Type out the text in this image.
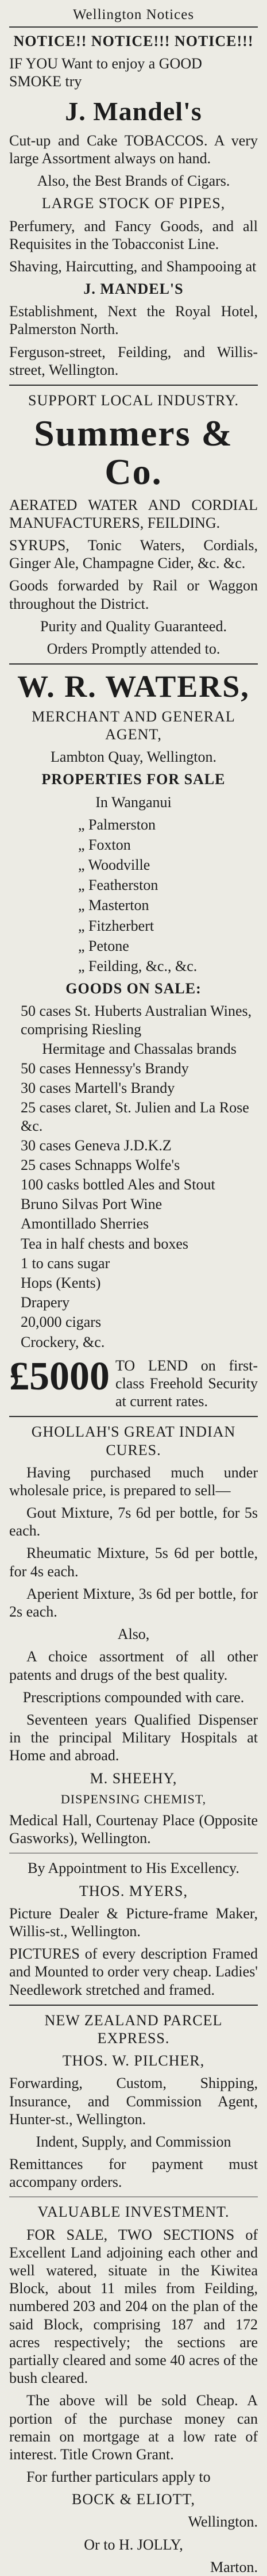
Wellington Notices

NOTICE!! NOTICE!!! NOTICE!!!

IF YOU Want to enjoy a GOOD SMOKE try

J. Mandel's

Cut-up and Cake TOBACCOS. A very large Assortment always on hand.

Also, the Best Brands of Cigars.

LARGE STOCK OF PIPES,

Perfumery, and Fancy Goods, and all Requisites in the Tobacconist Line.

Shaving, Haircutting, and Shampooing at

J. MANDEL'S

Establishment, Next the Royal Hotel, Palmerston North.

Ferguson-street, Feilding, and Willis-street, Wellington.

SUPPORT LOCAL INDUSTRY.

Summers & Co.

AERATED WATER AND CORDIAL MANUFACTURERS, FEILDING.

SYRUPS, Tonic Waters, Cordials, Ginger Ale, Champagne Cider, &c. &c.

Goods forwarded by Rail or Waggon throughout the District.

Purity and Quality Guaranteed.

Orders Promptly attended to.

W. R. WATERS,

MERCHANT AND GENERAL AGENT,

Lambton Quay, Wellington.

PROPERTIES FOR SALE

In Wanganui

„ Palmerston
„ Foxton
„ Woodville
„ Featherston
„ Masterton
„ Fitzherbert
„ Petone
„ Feilding, &c., &c.

GOODS ON SALE:

50 cases St. Huberts Australian Wines, comprising Riesling
Hermitage and Chassalas brands
50 cases Hennessy's Brandy
30 cases Martell's Brandy
25 cases claret, St. Julien and La Rose &c.
30 cases Geneva J.D.K.Z
25 cases Schnapps Wolfe's
100 casks bottled Ales and Stout
Bruno Silvas Port Wine
Amontillado Sherries
Tea in half chests and boxes
1 to cans sugar
Hops (Kents)
Drapery
20,000 cigars
Crockery, &c.
£5000 TO LEND on first-class Freehold Security at current rates.

GHOLLAH'S GREAT INDIAN CURES.

Having purchased much under wholesale price, is prepared to sell—

Gout Mixture, 7s 6d per bottle, for 5s each.

Rheumatic Mixture, 5s 6d per bottle, for 4s each.

Aperient Mixture, 3s 6d per bottle, for 2s each.

Also,

A choice assortment of all other patents and drugs of the best quality.

Prescriptions compounded with care.

Seventeen years Qualified Dispenser in the principal Military Hospitals at Home and abroad.

M. SHEEHY,

DISPENSING CHEMIST,

Medical Hall, Courtenay Place (Opposite Gasworks), Wellington.

By Appointment to His Excellency.

THOS. MYERS,

Picture Dealer & Picture-frame Maker, Willis-st., Wellington.

PICTURES of every description Framed and Mounted to order very cheap. Ladies' Needlework stretched and framed.

NEW ZEALAND PARCEL EXPRESS.

THOS. W. PILCHER,

Forwarding, Custom, Shipping, Insurance, and Commission Agent, Hunter-st., Wellington.

Indent, Supply, and Commission

Remittances for payment must accompany orders.

VALUABLE INVESTMENT.

FOR SALE, TWO SECTIONS of Excellent Land adjoining each other and well watered, situate in the Kiwitea Block, about 11 miles from Feilding, numbered 203 and 204 on the plan of the said Block, comprising 187 and 172 acres respectively; the sections are partially cleared and some 40 acres of the bush cleared.

The above will be sold Cheap. A portion of the purchase money can remain on mortgage at a low rate of interest. Title Crown Grant.

For further particulars apply to

BOCK & ELIOTT,

Wellington.

Or to H. JOLLY,

Marton.
